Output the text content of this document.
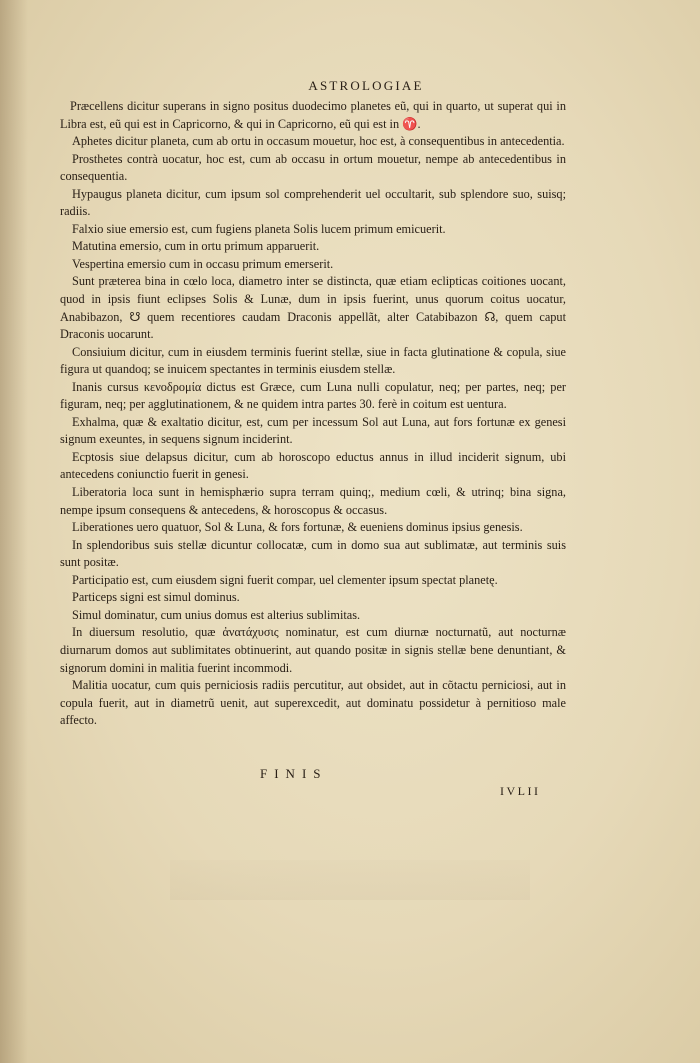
ASTROLOGIAE

Præcellens dicitur superans in signo positus duodecimo planetes eũ, qui in quarto, ut superat qui in Libra est, eũ qui est in Capricorno, & qui in Capricorno, eũ qui est in ♈.

Aphetes dicitur planeta, cum ab ortu in occasum mouetur, hoc est, à consequentibus in antecedentia.

Prosthetes contrà uocatur, hoc est, cum ab occasu in ortum mouetur, nempe ab antecedentibus in consequentia.

Hypaugus planeta dicitur, cum ipsum sol comprehenderit uel occultarit, sub splendore suo, suisq; radiis.

Falxio siue emersio est, cum fugiens planeta Solis lucem primum emicuerit.

Matutina emersio, cum in ortu primum apparuerit.

Vespertina emersio cum in occasu primum emerserit.

Sunt præterea bina in cœlo loca, diametro inter se distincta, quæ etiam eclipticas coitiones uocant, quod in ipsis fiunt eclipses Solis & Lunæ, dum in ipsis fuerint, unus quorum coitus uocatur, Anabibazon, ☋ quem recentiores caudam Draconis appellãt, alter Catabibazon ☊, quem caput Draconis uocarunt.

Consiuium dicitur, cum in eiusdem terminis fuerint stellæ, siue in facta glutinatione & copula, siue figura ut quandoq; se inuicem spectantes in terminis eiusdem stellæ.

Inanis cursus κενοδρομία dictus est Græce, cum Luna nulli copulatur, neq; per partes, neq; per figuram, neq; per agglutinationem, & ne quidem intra partes 30. ferè in coitum est uentura.

Exhalma, quæ & exaltatio dicitur, est, cum per incessum Sol aut Luna, aut fors fortunæ ex genesi signum exeuntes, in sequens signum inciderint.

Ecptosis siue delapsus dicitur, cum ab horoscopo eductus annus in illud inciderit signum, ubi antecedens coniunctio fuerit in genesi.

Liberatoria loca sunt in hemisphærio supra terram quinq;, medium cœli, & utrinq; bina signa, nempe ipsum consequens & antecedens, & horoscopus & occasus.

Liberationes uero quatuor, Sol & Luna, & fors fortunæ, & eueniens dominus ipsius genesis.

In splendoribus suis stellæ dicuntur collocatæ, cum in domo sua aut sublimatæ, aut terminis suis sunt positæ.

Participatio est, cum eiusdem signi fuerit compar, uel clementer ipsum spectat planetę.

Particeps signi est simul dominus.

Simul dominatur, cum unius domus est alterius sublimitas.

In diuersum resolutio, quæ ἀνατάχυσις nominatur, est cum diurnæ nocturnatũ, aut nocturnæ diurnarum domos aut sublimitates obtinuerint, aut quando positæ in signis stellæ bene denuntiant, & signorum domini in malitia fuerint incommodi.

Malitia uocatur, cum quis perniciosis radiis percutitur, aut obsidet, aut in cõtactu perniciosi, aut in copula fuerit, aut in diametrũ uenit, aut superexcedit, aut dominatu possidetur à pernitioso male affecto.

FINIS
IVLII
